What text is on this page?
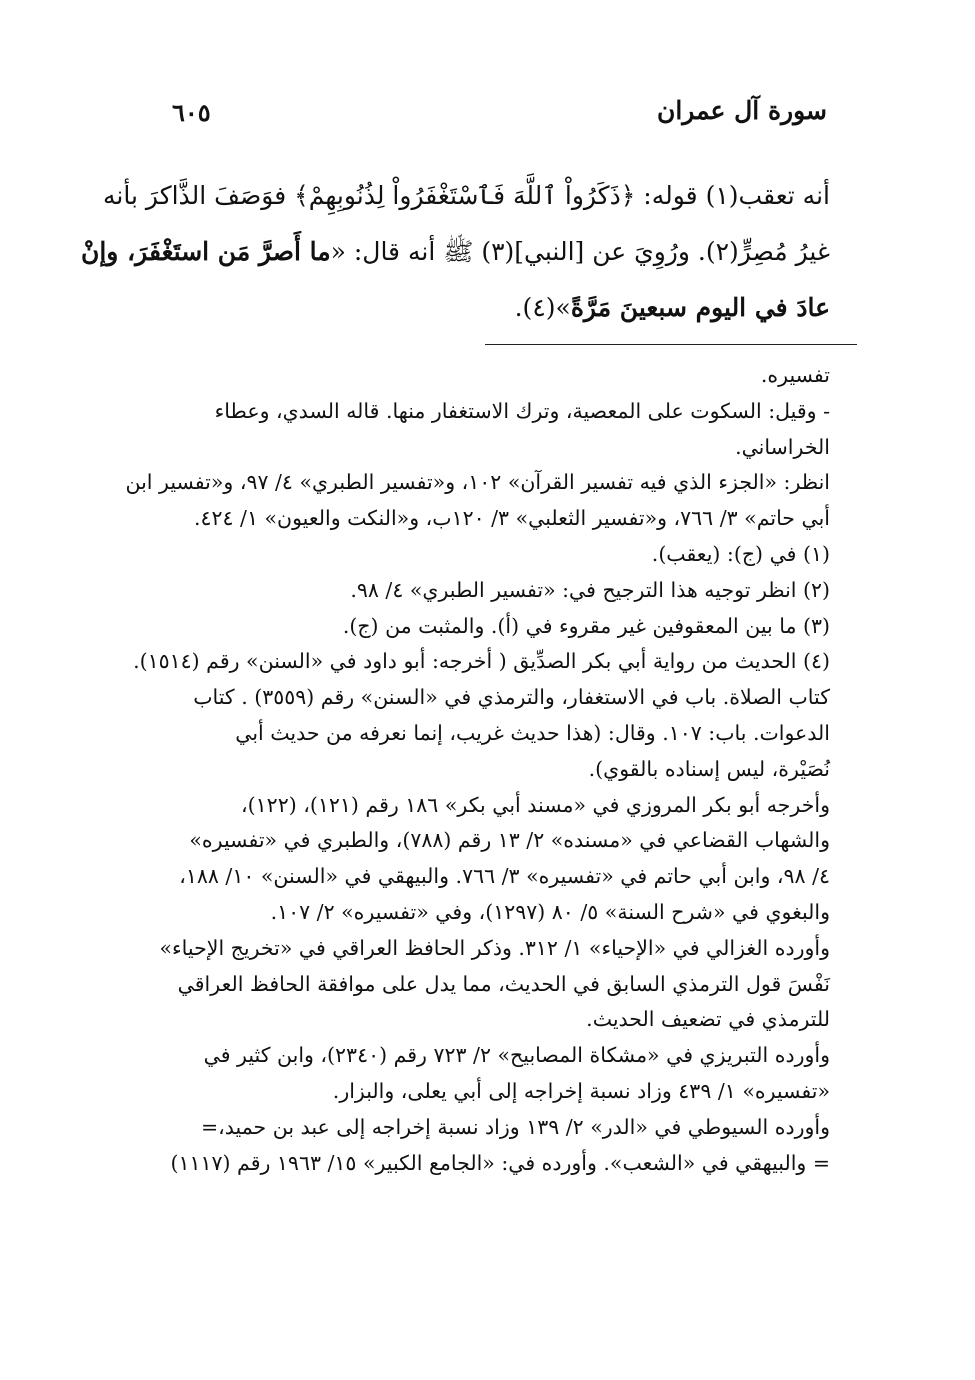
سورة آل عمران
٦٠٥
أنه تعقب(١) قوله: ﴿ذَكَرُواْ ٱللَّهَ فَٱسْتَغْفَرُواْ لِذُنُوبِهِمْ﴾ فوَصَفَ الذَّاكرَ بأنه
غيرُ مُصِرٍّ(٢). ورُوِيَ عن [النبي](٣) ﷺ أنه قال: «ما أَصرَّ مَن استَغْفَرَ، وإنْ
عادَ في اليوم سبعينَ مَرَّةً»(٤).
تفسيره.
- وقيل: السكوت على المعصية، وترك الاستغفار منها. قاله السدي، وعطاء
الخراساني.
انظر: «الجزء الذي فيه تفسير القرآن» ١٠٢، و«تفسير الطبري» ٤/ ٩٧، و«تفسير ابن
أبي حاتم» ٣/ ٧٦٦، و«تفسير الثعلبي» ٣/ ١٢٠ب، و«النكت والعيون» ١/ ٤٢٤.
(١) في (ج): (يعقب).
(٢) انظر توجيه هذا الترجيح في: «تفسير الطبري» ٤/ ٩٨.
(٣) ما بين المعقوفين غير مقروء في (أ). والمثبت من (ج).
(٤) الحديث من رواية أبي بكر الصدِّيق ( أخرجه: أبو داود في «السنن» رقم (١٥١٤).
كتاب الصلاة. باب في الاستغفار، والترمذي في «السنن» رقم (٣٥٥٩) . كتاب
الدعوات. باب: ١٠٧. وقال: (هذا حديث غريب، إنما نعرفه من حديث أبي
نُصَيْرة، ليس إسناده بالقوي).
وأخرجه أبو بكر المروزي في «مسند أبي بكر» ١٨٦ رقم (١٢١)، (١٢٢)،
والشهاب القضاعي في «مسنده» ٢/ ١٣ رقم (٧٨٨)، والطبري في «تفسيره»
٤/ ٩٨، وابن أبي حاتم في «تفسيره» ٣/ ٧٦٦. والبيهقي في «السنن» ١٠/ ١٨٨،
والبغوي في «شرح السنة» ٥/ ٨٠ (١٢٩٧)، وفي «تفسيره» ٢/ ١٠٧.
وأورده الغزالي في «الإحياء» ١/ ٣١٢. وذكر الحافظ العراقي في «تخريج الإحياء»
نَفْسَ قول الترمذي السابق في الحديث، مما يدل على موافقة الحافظ العراقي
للترمذي في تضعيف الحديث.
وأورده التبريزي في «مشكاة المصابيح» ٢/ ٧٢٣ رقم (٢٣٤٠)، وابن كثير في
«تفسيره» ١/ ٤٣٩ وزاد نسبة إخراجه إلى أبي يعلى، والبزار.
وأورده السيوطي في «الدر» ٢/ ١٣٩ وزاد نسبة إخراجه إلى عبد بن حميد،=
= والبيهقي في «الشعب». وأورده في: «الجامع الكبير» ١٥/ ١٩٦٣ رقم (١١١٧)
